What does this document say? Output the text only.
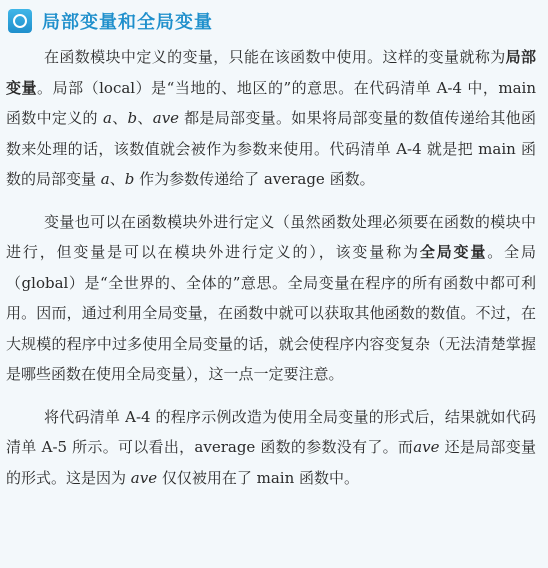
局部变量和全局变量

在函数模块中定义的变量，只能在该函数中使用。这样的变量就称为局部变量。局部（local）是“当地的、地区的”的意思。在代码清单 A-4 中，main 函数中定义的 a、b、ave 都是局部变量。如果将局部变量的数值传递给其他函数来处理的话，该数值就会被作为参数来使用。代码清单 A-4 就是把 main 函数的局部变量 a、b 作为参数传递给了 average 函数。

变量也可以在函数模块外进行定义（虽然函数处理必须要在函数的模块中进行，但变量是可以在模块外进行定义的），该变量称为全局变量。全局（global）是“全世界的、全体的”意思。全局变量在程序的所有函数中都可利用。因而，通过利用全局变量，在函数中就可以获取其他函数的数值。不过，在大规模的程序中过多使用全局变量的话，就会使程序内容变复杂（无法清楚掌握是哪些函数在使用全局变量），这一点一定要注意。

将代码清单 A-4 的程序示例改造为使用全局变量的形式后，结果就如代码清单 A-5 所示。可以看出，average 函数的参数没有了。而ave 还是局部变量的形式。这是因为 ave 仅仅被用在了 main 函数中。
